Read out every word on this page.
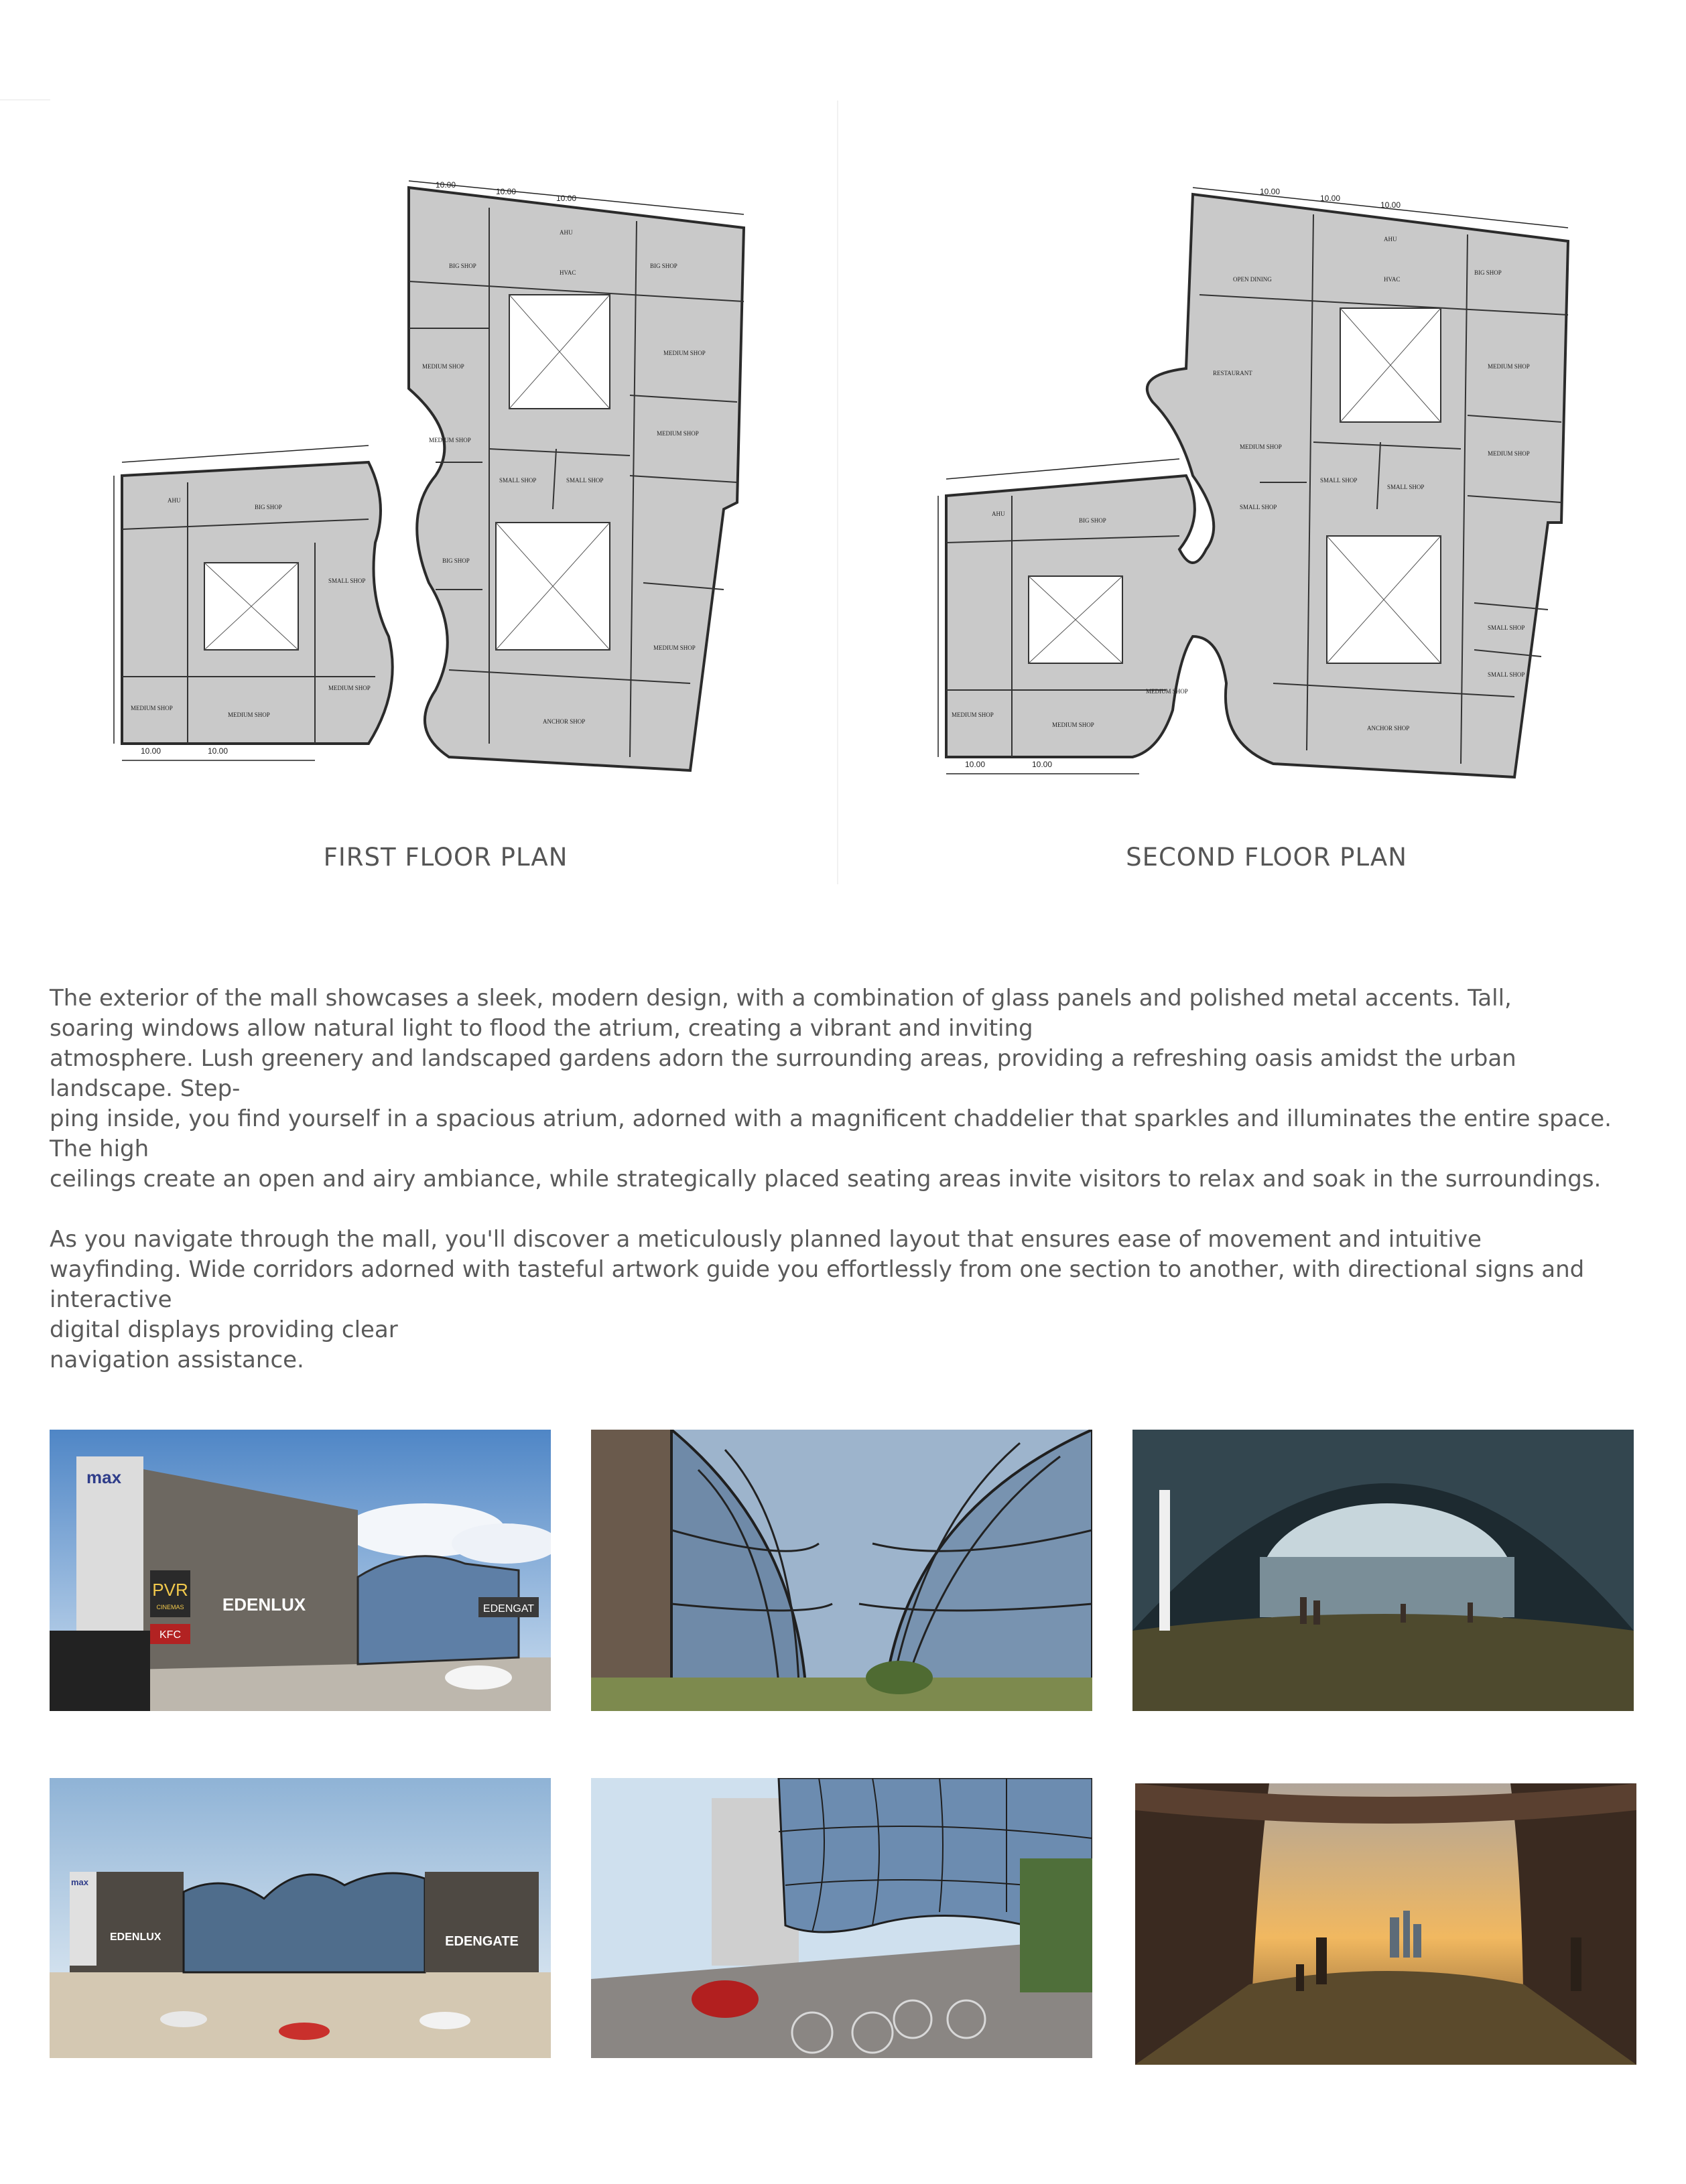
BIG SHOP	BIG SHOP
AHU
HVAC
MEDIUM SHOP
MEDIUM SHOP
MEDIUM SHOP
MEDIUM SHOP
SMALL SHOP	SMALL SHOP
BIG SHOP
MEDIUM SHOP
ANCHOR SHOP
BIG SHOP
SMALL SHOP
MEDIUM SHOP
MEDIUM SHOP
MEDIUM SHOP
AHU
10.00
10.00
10.00
10.00	10.00
FIRST FLOOR PLAN
OPEN DINING
BIG SHOP
AHU
HVAC
RESTAURANT
MEDIUM SHOP
MEDIUM SHOP
MEDIUM SHOP
SMALL SHOP
SMALL SHOP
SMALL SHOP
SMALL SHOP
SMALL SHOP
ANCHOR SHOP
BIG SHOP
MEDIUM SHOP
MEDIUM SHOP
MEDIUM SHOP
AHU
10.00
10.00
10.00
10.00	10.00
SECOND FLOOR PLAN

The exterior of the mall showcases a sleek, modern design, with a combination of glass panels and polished metal accents. Tall,
soaring windows allow natural light to flood the atrium, creating a vibrant and inviting
atmosphere. Lush greenery and landscaped gardens adorn the surrounding areas, providing a refreshing oasis amidst the urban landscape. Step-
ping inside, you find yourself in a spacious atrium, adorned with a magnificent chaddelier that sparkles and illuminates the entire space. The high
ceilings create an open and airy ambiance, while strategically placed seating areas invite visitors to relax and soak in the surroundings.

As you navigate through the mall, you'll discover a meticulously planned layout that ensures ease of movement and intuitive
wayfinding. Wide corridors adorned with tasteful artwork guide you effortlessly from one section to another, with directional signs and interactive
digital displays providing clear
navigation assistance.

PVR
CINEMAS
max
KFC
EDENLUX	EDENGAT
max
EDENLUX	EDENGATE
